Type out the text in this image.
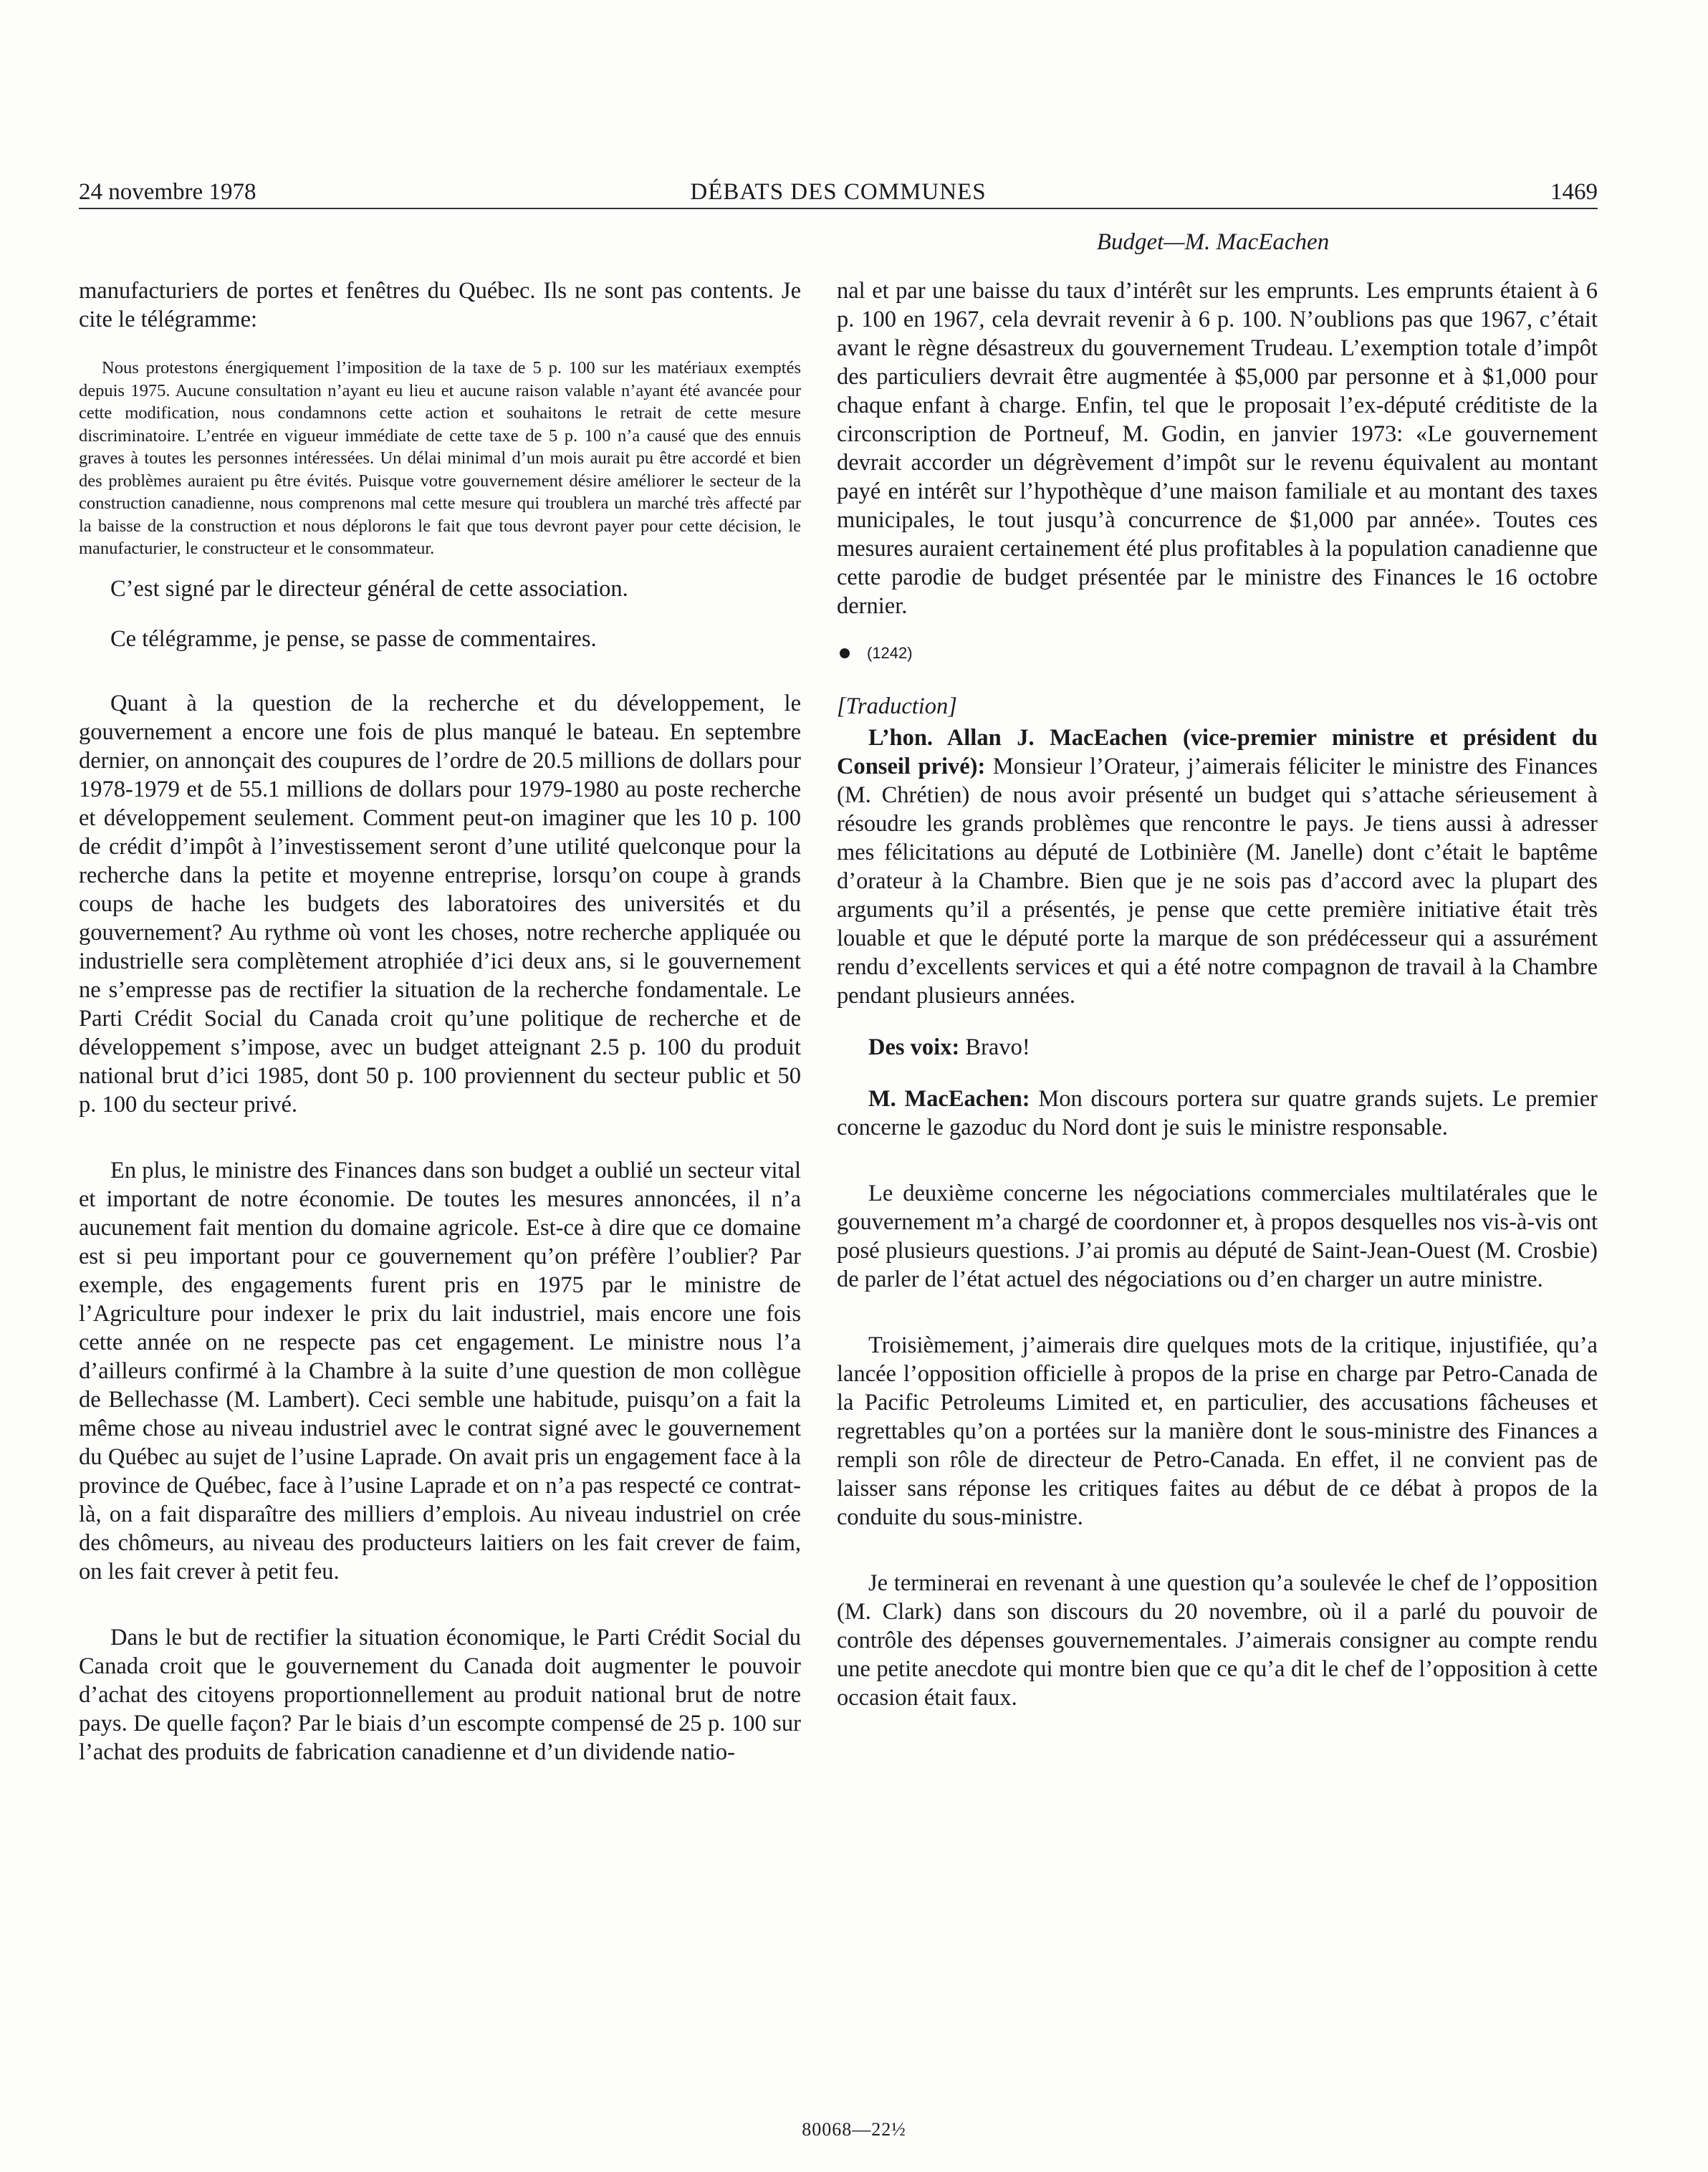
24 novembre 1978	DÉBATS DES COMMUNES	1469
Budget—M. MacEachen

manufacturiers de portes et fenêtres du Québec. Ils ne sont pas contents. Je cite le télégramme:

Nous protestons énergiquement l’imposition de la taxe de 5 p. 100 sur les matériaux exemptés depuis 1975. Aucune consultation n’ayant eu lieu et aucune raison valable n’ayant été avancée pour cette modification, nous condamnons cette action et souhaitons le retrait de cette mesure discriminatoire. L’entrée en vigueur immédiate de cette taxe de 5 p. 100 n’a causé que des ennuis graves à toutes les personnes intéressées. Un délai minimal d’un mois aurait pu être accordé et bien des problèmes auraient pu être évités. Puisque votre gouvernement désire améliorer le secteur de la construction canadienne, nous comprenons mal cette mesure qui troublera un marché très affecté par la baisse de la construction et nous déplorons le fait que tous devront payer pour cette décision, le manufacturier, le constructeur et le consommateur.

C’est signé par le directeur général de cette association.

Ce télégramme, je pense, se passe de commentaires.

Quant à la question de la recherche et du développement, le gouvernement a encore une fois de plus manqué le bateau. En septembre dernier, on annonçait des coupures de l’ordre de 20.5 millions de dollars pour 1978-1979 et de 55.1 millions de dollars pour 1979-1980 au poste recherche et développement seulement. Comment peut-on imaginer que les 10 p. 100 de crédit d’impôt à l’investissement seront d’une utilité quelconque pour la recherche dans la petite et moyenne entreprise, lorsqu’on coupe à grands coups de hache les budgets des laboratoires des universités et du gouvernement? Au rythme où vont les choses, notre recherche appliquée ou industrielle sera complètement atrophiée d’ici deux ans, si le gouvernement ne s’empresse pas de rectifier la situation de la recherche fondamentale. Le Parti Crédit Social du Canada croit qu’une politique de recherche et de développement s’impose, avec un budget atteignant 2.5 p. 100 du produit national brut d’ici 1985, dont 50 p. 100 proviennent du secteur public et 50 p. 100 du secteur privé.

En plus, le ministre des Finances dans son budget a oublié un secteur vital et important de notre économie. De toutes les mesures annoncées, il n’a aucunement fait mention du domaine agricole. Est-ce à dire que ce domaine est si peu important pour ce gouvernement qu’on préfère l’oublier? Par exemple, des engagements furent pris en 1975 par le ministre de l’Agriculture pour indexer le prix du lait industriel, mais encore une fois cette année on ne respecte pas cet engagement. Le ministre nous l’a d’ailleurs confirmé à la Chambre à la suite d’une question de mon collègue de Bellechasse (M. Lambert). Ceci semble une habitude, puisqu’on a fait la même chose au niveau industriel avec le contrat signé avec le gouvernement du Québec au sujet de l’usine Laprade. On avait pris un engagement face à la province de Québec, face à l’usine Laprade et on n’a pas respecté ce contrat-là, on a fait disparaître des milliers d’emplois. Au niveau industriel on crée des chômeurs, au niveau des producteurs laitiers on les fait crever de faim, on les fait crever à petit feu.

Dans le but de rectifier la situation économique, le Parti Crédit Social du Canada croit que le gouvernement du Canada doit augmenter le pouvoir d’achat des citoyens proportionnellement au produit national brut de notre pays. De quelle façon? Par le biais d’un escompte compensé de 25 p. 100 sur l’achat des produits de fabrication canadienne et d’un dividende natio-

nal et par une baisse du taux d’intérêt sur les emprunts. Les emprunts étaient à 6 p. 100 en 1967, cela devrait revenir à 6 p. 100. N’oublions pas que 1967, c’était avant le règne désastreux du gouvernement Trudeau. L’exemption totale d’impôt des particuliers devrait être augmentée à $5,000 par personne et à $1,000 pour chaque enfant à charge. Enfin, tel que le proposait l’ex-député créditiste de la circonscription de Portneuf, M. Godin, en janvier 1973: «Le gouvernement devrait accorder un dégrèvement d’impôt sur le revenu équivalent au montant payé en intérêt sur l’hypothèque d’une maison familiale et au montant des taxes municipales, le tout jusqu’à concurrence de $1,000 par année». Toutes ces mesures auraient certainement été plus profitables à la population canadienne que cette parodie de budget présentée par le ministre des Finances le 16 octobre dernier.

(1242)

[Traduction]

L’hon. Allan J. MacEachen (vice-premier ministre et président du Conseil privé): Monsieur l’Orateur, j’aimerais féliciter le ministre des Finances (M. Chrétien) de nous avoir présenté un budget qui s’attache sérieusement à résoudre les grands problèmes que rencontre le pays. Je tiens aussi à adresser mes félicitations au député de Lotbinière (M. Janelle) dont c’était le baptême d’orateur à la Chambre. Bien que je ne sois pas d’accord avec la plupart des arguments qu’il a présentés, je pense que cette première initiative était très louable et que le député porte la marque de son prédécesseur qui a assurément rendu d’excellents services et qui a été notre compagnon de travail à la Chambre pendant plusieurs années.

Des voix: Bravo!

M. MacEachen: Mon discours portera sur quatre grands sujets. Le premier concerne le gazoduc du Nord dont je suis le ministre responsable.

Le deuxième concerne les négociations commerciales multilatérales que le gouvernement m’a chargé de coordonner et, à propos desquelles nos vis-à-vis ont posé plusieurs questions. J’ai promis au député de Saint-Jean-Ouest (M. Crosbie) de parler de l’état actuel des négociations ou d’en charger un autre ministre.

Troisièmement, j’aimerais dire quelques mots de la critique, injustifiée, qu’a lancée l’opposition officielle à propos de la prise en charge par Petro-Canada de la Pacific Petroleums Limited et, en particulier, des accusations fâcheuses et regrettables qu’on a portées sur la manière dont le sous-ministre des Finances a rempli son rôle de directeur de Petro-Canada. En effet, il ne convient pas de laisser sans réponse les critiques faites au début de ce débat à propos de la conduite du sous-ministre.

Je terminerai en revenant à une question qu’a soulevée le chef de l’opposition (M. Clark) dans son discours du 20 novembre, où il a parlé du pouvoir de contrôle des dépenses gouvernementales. J’aimerais consigner au compte rendu une petite anecdote qui montre bien que ce qu’a dit le chef de l’opposition à cette occasion était faux.

80068—22½
